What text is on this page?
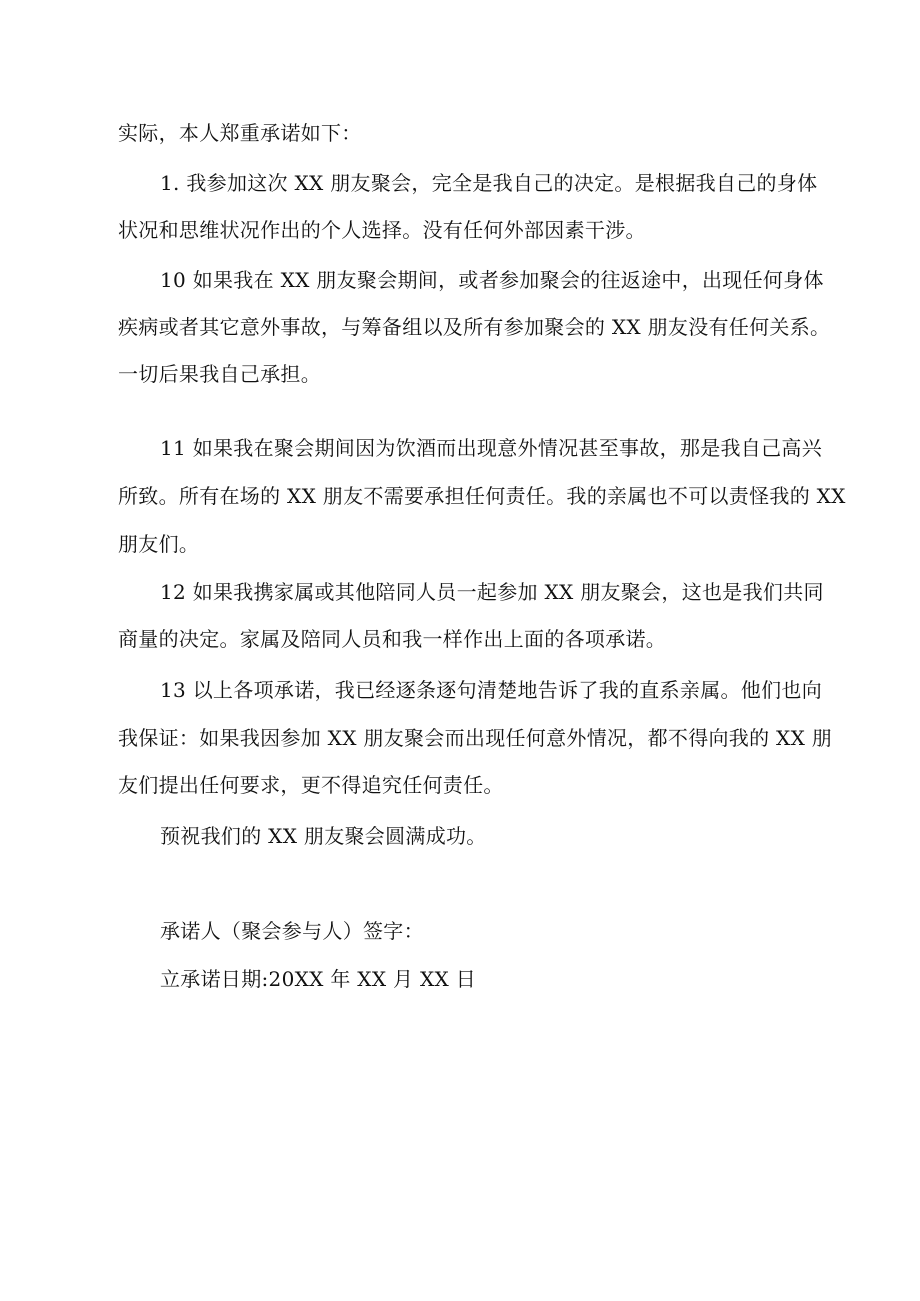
实际，本人郑重承诺如下：
1. 我参加这次 XX 朋友聚会，完全是我自己的决定。是根据我自己的身体
状况和思维状况作出的个人选择。没有任何外部因素干涉。
10 如果我在 XX 朋友聚会期间，或者参加聚会的往返途中，出现任何身体
疾病或者其它意外事故，与筹备组以及所有参加聚会的 XX 朋友没有任何关系。
一切后果我自己承担。
11 如果我在聚会期间因为饮酒而出现意外情况甚至事故，那是我自己高兴
所致。所有在场的 XX 朋友不需要承担任何责任。我的亲属也不可以责怪我的 XX
朋友们。
12 如果我携家属或其他陪同人员一起参加 XX 朋友聚会，这也是我们共同
商量的决定。家属及陪同人员和我一样作出上面的各项承诺。
13 以上各项承诺，我已经逐条逐句清楚地告诉了我的直系亲属。他们也向
我保证：如果我因参加 XX 朋友聚会而出现任何意外情况，都不得向我的 XX 朋
友们提出任何要求，更不得追究任何责任。
预祝我们的 XX 朋友聚会圆满成功。
承诺人（聚会参与人）签字：
立承诺日期:20XX 年 XX 月 XX 日
